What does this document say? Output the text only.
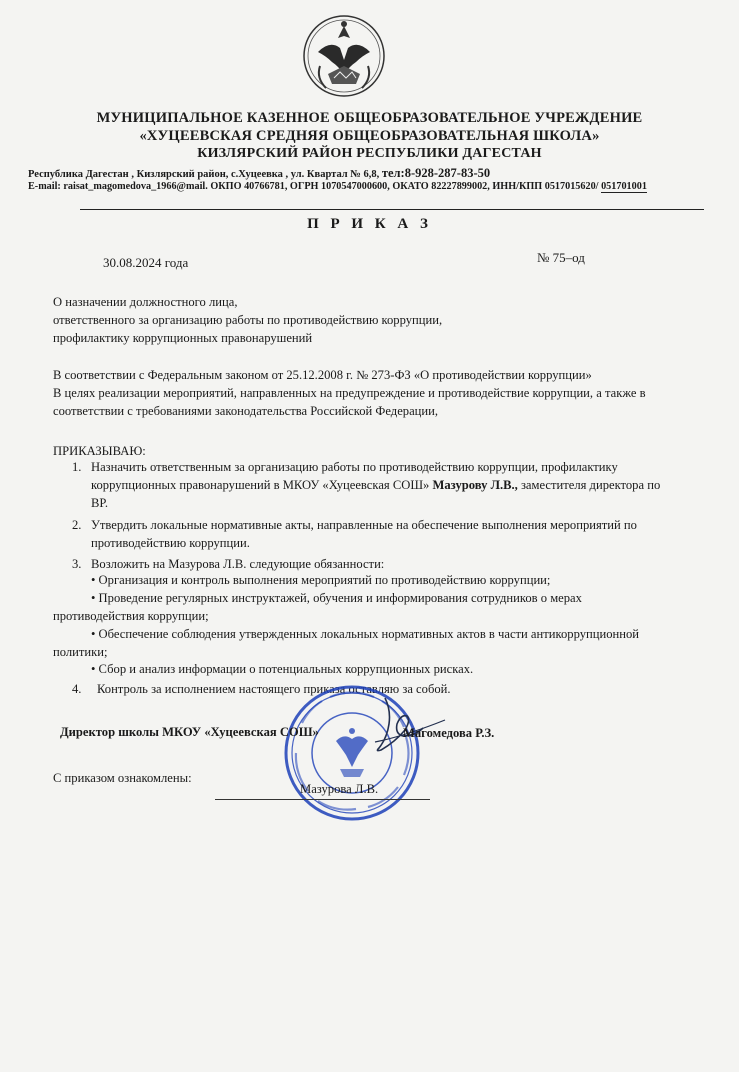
МУНИЦИПАЛЬНОЕ КАЗЕННОЕ ОБЩЕОБРАЗОВАТЕЛЬНОЕ УЧРЕЖДЕНИЕ
«ХУЦЕЕВСКАЯ СРЕДНЯЯ ОБЩЕОБРАЗОВАТЕЛЬНАЯ ШКОЛА»
КИЗЛЯРСКИЙ РАЙОН РЕСПУБЛИКИ ДАГЕСТАН
Республика Дагестан , Кизлярский район, с.Хуцеевка , ул. Квартал № 6,8, тел:8-928-287-83-50
E-mail: raisat_magomedova_1966@mail. ОКПО 40766781, ОГРН 1070547000600, ОКАТО 82227899002, ИНН/КПП 0517015620/ 051701001
П Р И К А З
30.08.2024 года	№ 75–од
О назначении должностного лица,
ответственного за организацию работы по противодействию коррупции,
профилактику коррупционных правонарушений
В соответствии с Федеральным законом от 25.12.2008 г. № 273-ФЗ «О противодействии коррупции»
В целях реализации мероприятий, направленных на предупреждение и противодействие коррупции, а также в
соответствии с требованиями законодательства Российской Федерации,
ПРИКАЗЫВАЮ:
1. Назначить ответственным за организацию работы по противодействию коррупции, профилактику
коррупционных правонарушений в МКОУ «Хуцеевская СОШ» Мазурову Л.В., заместителя директора по
ВР.
2. Утвердить локальные нормативные акты, направленные на обеспечение выполнения мероприятий по
противодействию коррупции.
3. Возложить на Мазурова Л.В. следующие обязанности:
• Организация и контроль выполнения мероприятий по противодействию коррупции;
• Проведение регулярных инструктажей, обучения и информирования сотрудников о мерах
противодействия коррупции;
• Обеспечение соблюдения утвержденных локальных нормативных актов в части антикоррупционной
политики;
• Сбор и анализ информации о потенциальных коррупционных рисках.
4. Контроль за исполнением настоящего приказа оставляю за собой.
Директор школы МКОУ «Хуцеевская СОШ»	Магомедова Р.З.
С приказом ознакомлены:
Мазурова Л.В.
